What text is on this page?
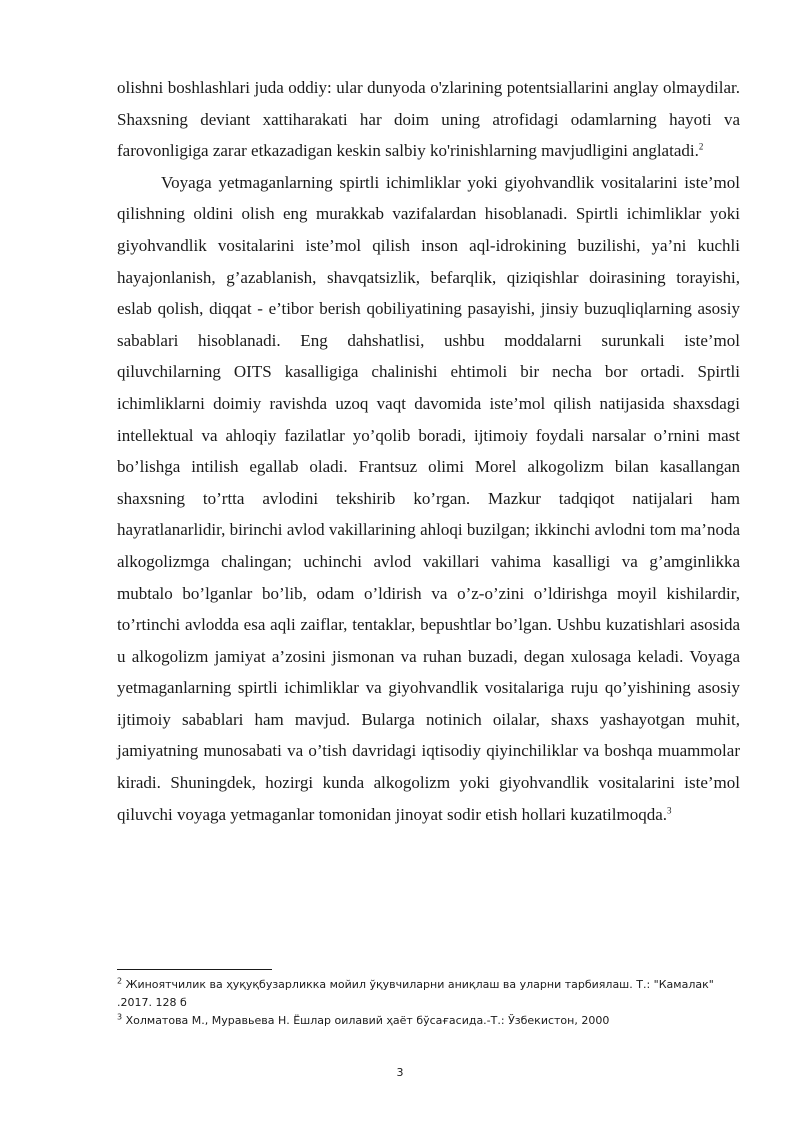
olishni boshlashlari juda oddiy: ular dunyoda o'zlarining potentsiallarini anglay olmaydilar. Shaxsning deviant xattiharakati har doim uning atrofidagi odamlarning hayoti va farovonligiga zarar etkazadigan keskin salbiy ko'rinishlarning mavjudligini anglatadi.$^2$

Voyaga yetmaganlarning spirtli ichimliklar yoki giyohvandlik vositalarini iste’mol qilishning oldini olish eng murakkab vazifalardan hisoblanadi. Spirtli ichimliklar yoki giyohvandlik vositalarini iste’mol qilish inson aql-idrokining buzilishi, ya’ni kuchli hayajonlanish, g’azablanish, shavqatsizlik, befarqlik, qiziqishlar doirasining torayishi, eslab qolish, diqqat - e’tibor berish qobiliyatining pasayishi, jinsiy buzuqliqlarning asosiy sabablari hisoblanadi. Eng dahshatlisi, ushbu moddalarni surunkali iste’mol qiluvchilarning OITS kasalligiga chalinishi ehtimoli bir necha bor ortadi. Spirtli ichimliklarni doimiy ravishda uzoq vaqt davomida iste’mol qilish natijasida shaxsdagi intellektual va ahloqiy fazilatlar yo’qolib boradi, ijtimoiy foydali narsalar o’rnini mast bo’lishga intilish egallab oladi. Frantsuz olimi Morel alkogolizm bilan kasallangan shaxsning to’rtta avlodini tekshirib ko’rgan. Mazkur tadqiqot natijalari ham hayratlanarlidir, birinchi avlod vakillarining ahloqi buzilgan; ikkinchi avlodni tom ma’noda alkogolizmga chalingan; uchinchi avlod vakillari vahima kasalligi va g’amginlikka mubtalo bo’lganlar bo’lib, odam o’ldirish va o’z-o’zini o’ldirishga moyil kishilardir, to’rtinchi avlodda esa aqli zaiflar, tentaklar, bepushtlar bo’lgan. Ushbu kuzatishlari asosida u alkogolizm jamiyat a’zosini jismonan va ruhan buzadi, degan xulosaga keladi. Voyaga yetmaganlarning spirtli ichimliklar va giyohvandlik vositalariga ruju qo’yishining asosiy ijtimoiy sabablari ham mavjud. Bularga notinich oilalar, shaxs yashayotgan muhit, jamiyatning munosabati va o’tish davridagi iqtisodiy qiyinchiliklar va boshqa muammolar kiradi. Shuningdek, hozirgi kunda alkogolizm yoki giyohvandlik vositalarini iste’mol qiluvchi voyaga yetmaganlar tomonidan jinoyat sodir etish hollari kuzatilmoqda.$^3$

$^2$ Жиноятчилик ва ҳуқуқбузарликка мойил ўқувчиларни аниқлаш ва уларни тарбиялаш. Т.: "Камалак" .2017. 128 б

$^3$ Холматова М., Муравьева Н. Ёшлар оилавий ҳаёт бўсағасида.-Т.: Ўзбекистон, 2000

3
